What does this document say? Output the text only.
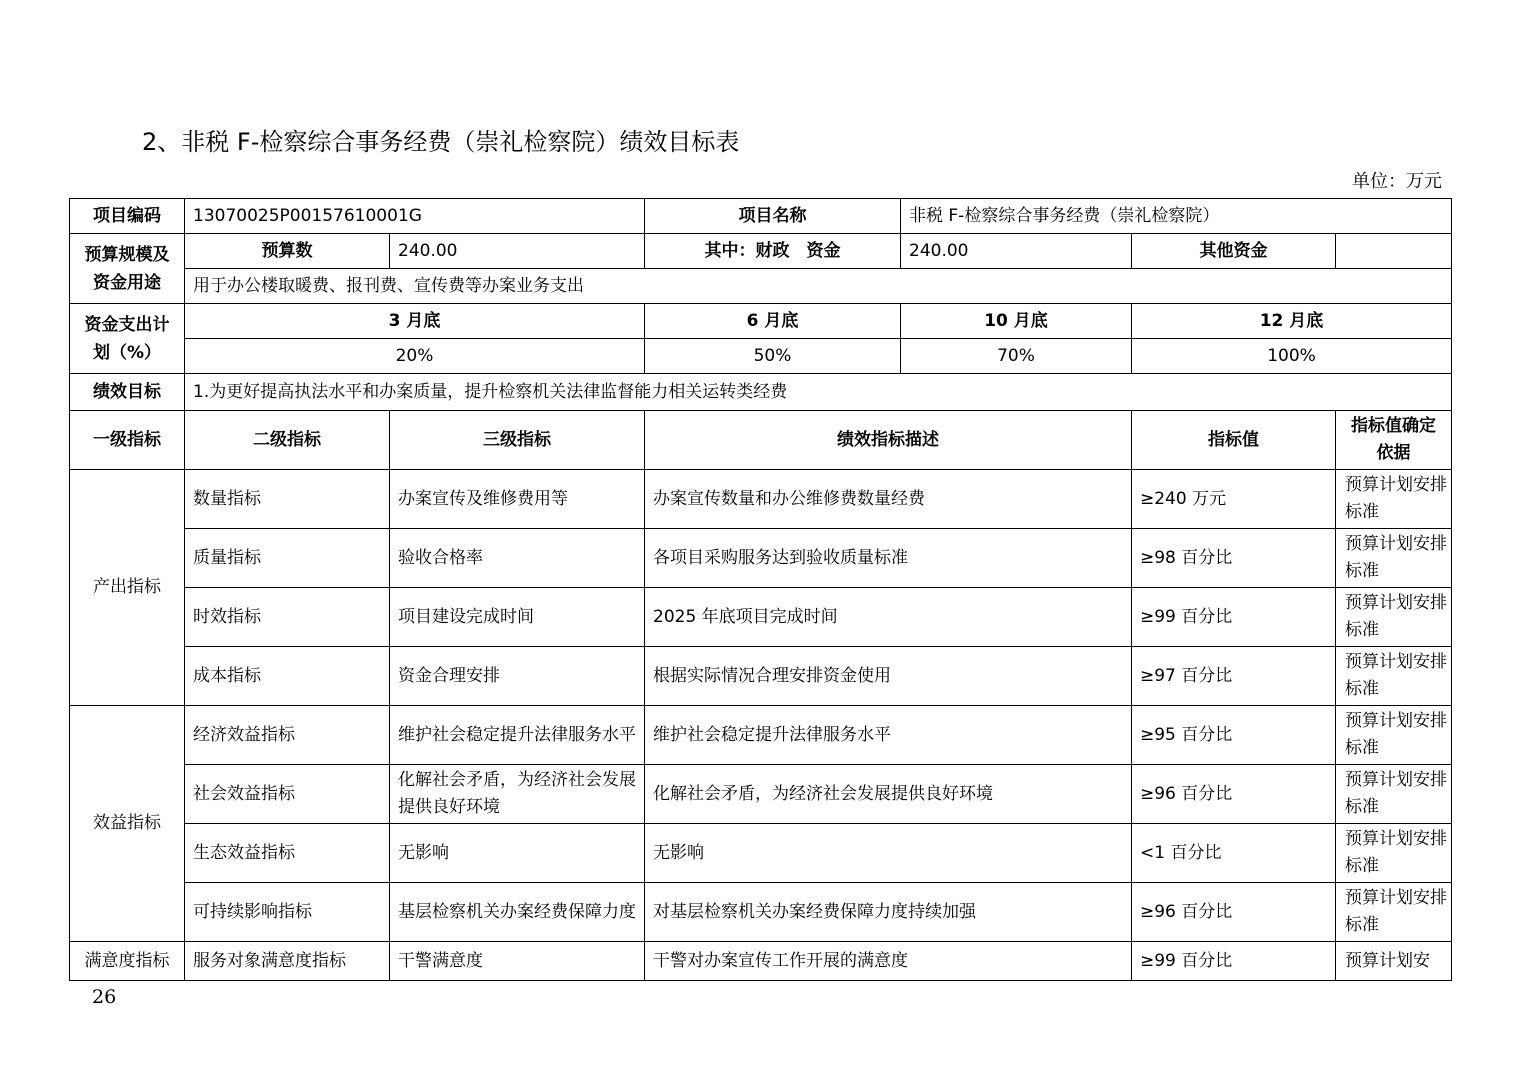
2、非税 F-检察综合事务经费（崇礼检察院）绩效目标表
单位：万元
项目编码	13070025P00157610001G		项目名称	非税 F-检察综合事务经费（崇礼检察院）		
预算规模及资金用途	预算数	240.00	其中：财政　资金	240.00	其他资金	
	用于办公楼取暖费、报刊费、宣传费等办案业务支出					
资金支出计划（%）	3 月底		6 月底	10 月底	12 月底	
	20%		50%	70%	100%	
绩效目标	1.为更好提高执法水平和办案质量，提升检察机关法律监督能力相关运转类经费					
一级指标	二级指标	三级指标	绩效指标描述		指标值	指标值确定依据
产出指标	数量指标	办案宣传及维修费用等	办案宣传数量和办公维修费数量经费		≥240 万元	预算计划安排标准
	质量指标	验收合格率	各项目采购服务达到验收质量标准		≥98 百分比	预算计划安排标准
	时效指标	项目建设完成时间	2025 年底项目完成时间		≥99 百分比	预算计划安排标准
	成本指标	资金合理安排	根据实际情况合理安排资金使用		≥97 百分比	预算计划安排标准
效益指标	经济效益指标	维护社会稳定提升法律服务水平	维护社会稳定提升法律服务水平		≥95 百分比	预算计划安排标准
	社会效益指标	化解社会矛盾，为经济社会发展提供良好环境	化解社会矛盾，为经济社会发展提供良好环境		≥96 百分比	预算计划安排标准
	生态效益指标	无影响	无影响		<1 百分比	预算计划安排标准
	可持续影响指标	基层检察机关办案经费保障力度	对基层检察机关办案经费保障力度持续加强		≥96 百分比	预算计划安排标准
满意度指标	服务对象满意度指标	干警满意度	干警对办案宣传工作开展的满意度		≥99 百分比	预算计划安
26
